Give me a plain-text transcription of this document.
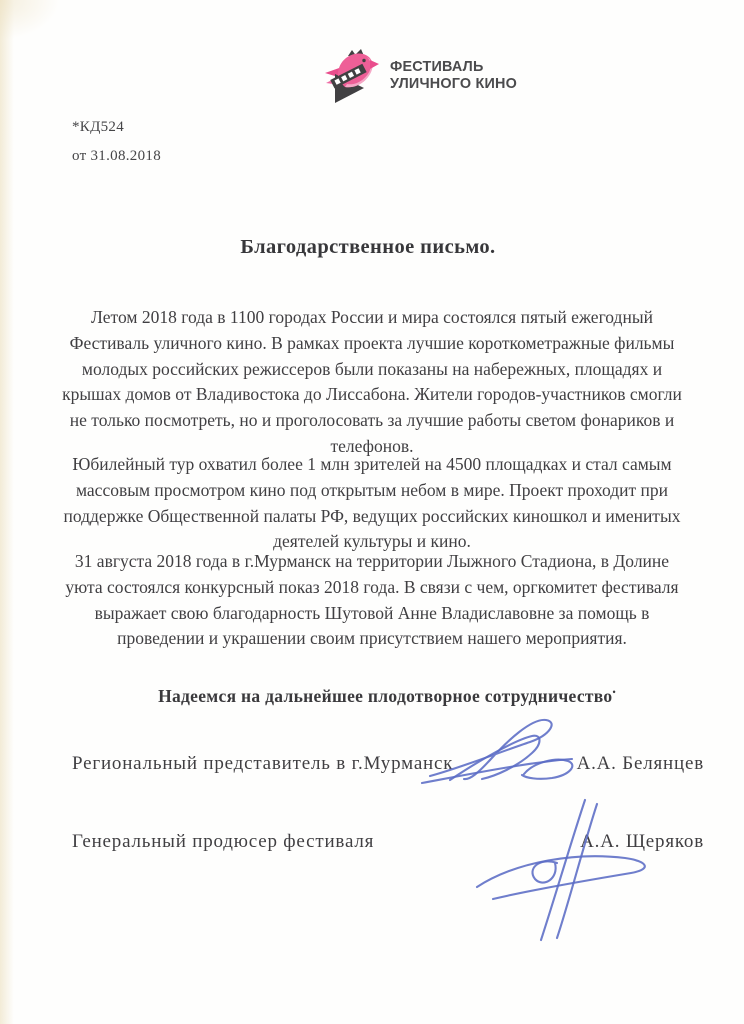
ФЕСТИВАЛЬ
УЛИЧНОГО КИНО
*КД524
от 31.08.2018
Благодарственное письмо.

Летом 2018 года в 1100 городах России и мира состоялся пятый ежегодный Фестиваль уличного кино. В рамках проекта лучшие короткометражные фильмы молодых российских режиссеров были показаны на набережных, площадях и крышах домов от Владивостока до Лиссабона. Жители городов-участников смогли не только посмотреть, но и проголосовать за лучшие работы светом фонариков и телефонов.

Юбилейный тур охватил более 1 млн зрителей на 4500 площадках и стал самым массовым просмотром кино под открытым небом в мире. Проект проходит при поддержке Общественной палаты РФ, ведущих российских киношкол и именитых деятелей культуры и кино.

31 августа 2018 года в г.Мурманск на территории Лыжного Стадиона, в Долине уюта состоялся конкурсный показ 2018 года. В связи с чем, оргкомитет фестиваля выражает свою благодарность Шутовой Анне Владиславовне за помощь в проведении и украшении своим присутствием нашего мероприятия.

Надеемся на дальнейшее плодотворное сотрудничество•

Региональный представитель в г.Мурманск	А.А. Белянцев
Генеральный продюсер фестиваля	А.А. Щеряков
